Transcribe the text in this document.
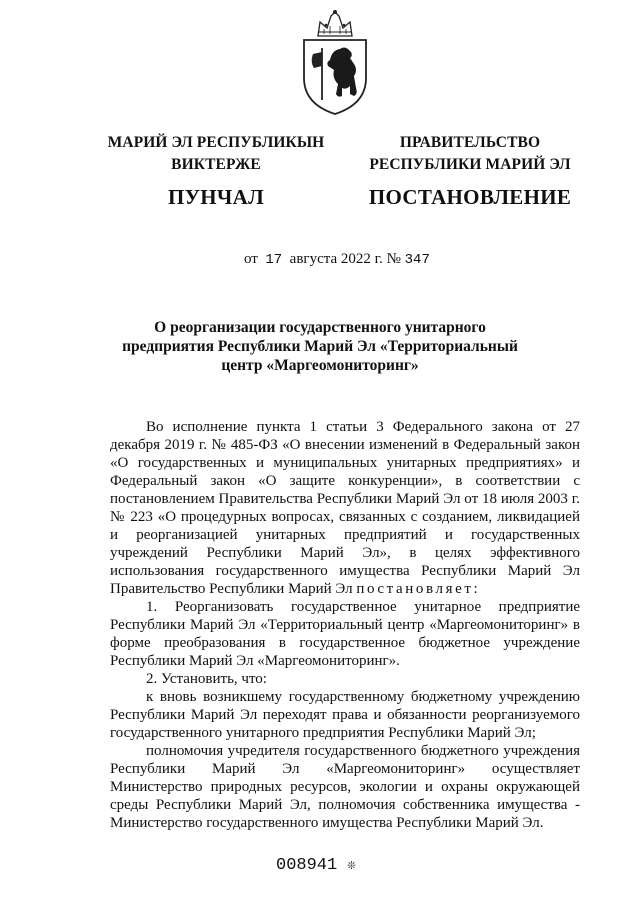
МАРИЙ ЭЛ РЕСПУБЛИКЫН
ВИКТЕРЖЕ
ПУНЧАЛ
ПРАВИТЕЛЬСТВО
РЕСПУБЛИКИ МАРИЙ ЭЛ
ПОСТАНОВЛЕНИЕ
от 17 августа 2022 г. № 347
О реорганизации государственного унитарного предприятия Республики Марий Эл «Территориальный центр «Маргеомониторинг»

Во исполнение пункта 1 статьи 3 Федерального закона от 27 декабря 2019 г. № 485-ФЗ «О внесении изменений в Федеральный закон «О государственных и муниципальных унитарных предприятиях» и Федеральный закон «О защите конкуренции», в соответствии с постановлением Правительства Республики Марий Эл от 18 июля 2003 г. № 223 «О процедурных вопросах, связанных с созданием, ликвидацией и реорганизацией унитарных предприятий и государственных учреждений Республики Марий Эл», в целях эффективного использования государственного имущества Республики Марий Эл Правительство Республики Марий Эл постановляет:

1. Реорганизовать государственное унитарное предприятие Республики Марий Эл «Территориальный центр «Маргеомониторинг» в форме преобразования в государственное бюджетное учреждение Республики Марий Эл «Маргеомониторинг».

2. Установить, что:

к вновь возникшему государственному бюджетному учреждению Республики Марий Эл переходят права и обязанности реорганизуемого государственного унитарного предприятия Республики Марий Эл;

полномочия учредителя государственного бюджетного учреждения Республики Марий Эл «Маргеомониторинг» осуществляет Министерство природных ресурсов, экологии и охраны окружающей среды Республики Марий Эл, полномочия собственника имущества - Министерство государственного имущества Республики Марий Эл.

008941 ❊
